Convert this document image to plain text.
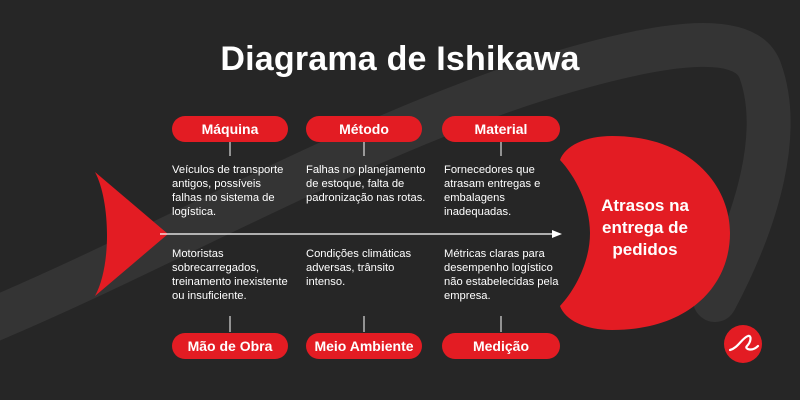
Diagrama de Ishikawa
Máquina	Método	Material
Veículos de transporte antigos, possíveis falhas no sistema de logística.
Falhas no planejamento de estoque, falta de padronização nas rotas.
Fornecedores que atrasam entregas e embalagens inadequadas.
Motoristas sobrecarregados, treinamento inexistente ou insuficiente.
Condições climáticas adversas, trânsito intenso.
Métricas claras para desempenho logístico não estabelecidas pela empresa.
Mão de Obra	Meio Ambiente	Medição
Atrasos na entrega de pedidos
